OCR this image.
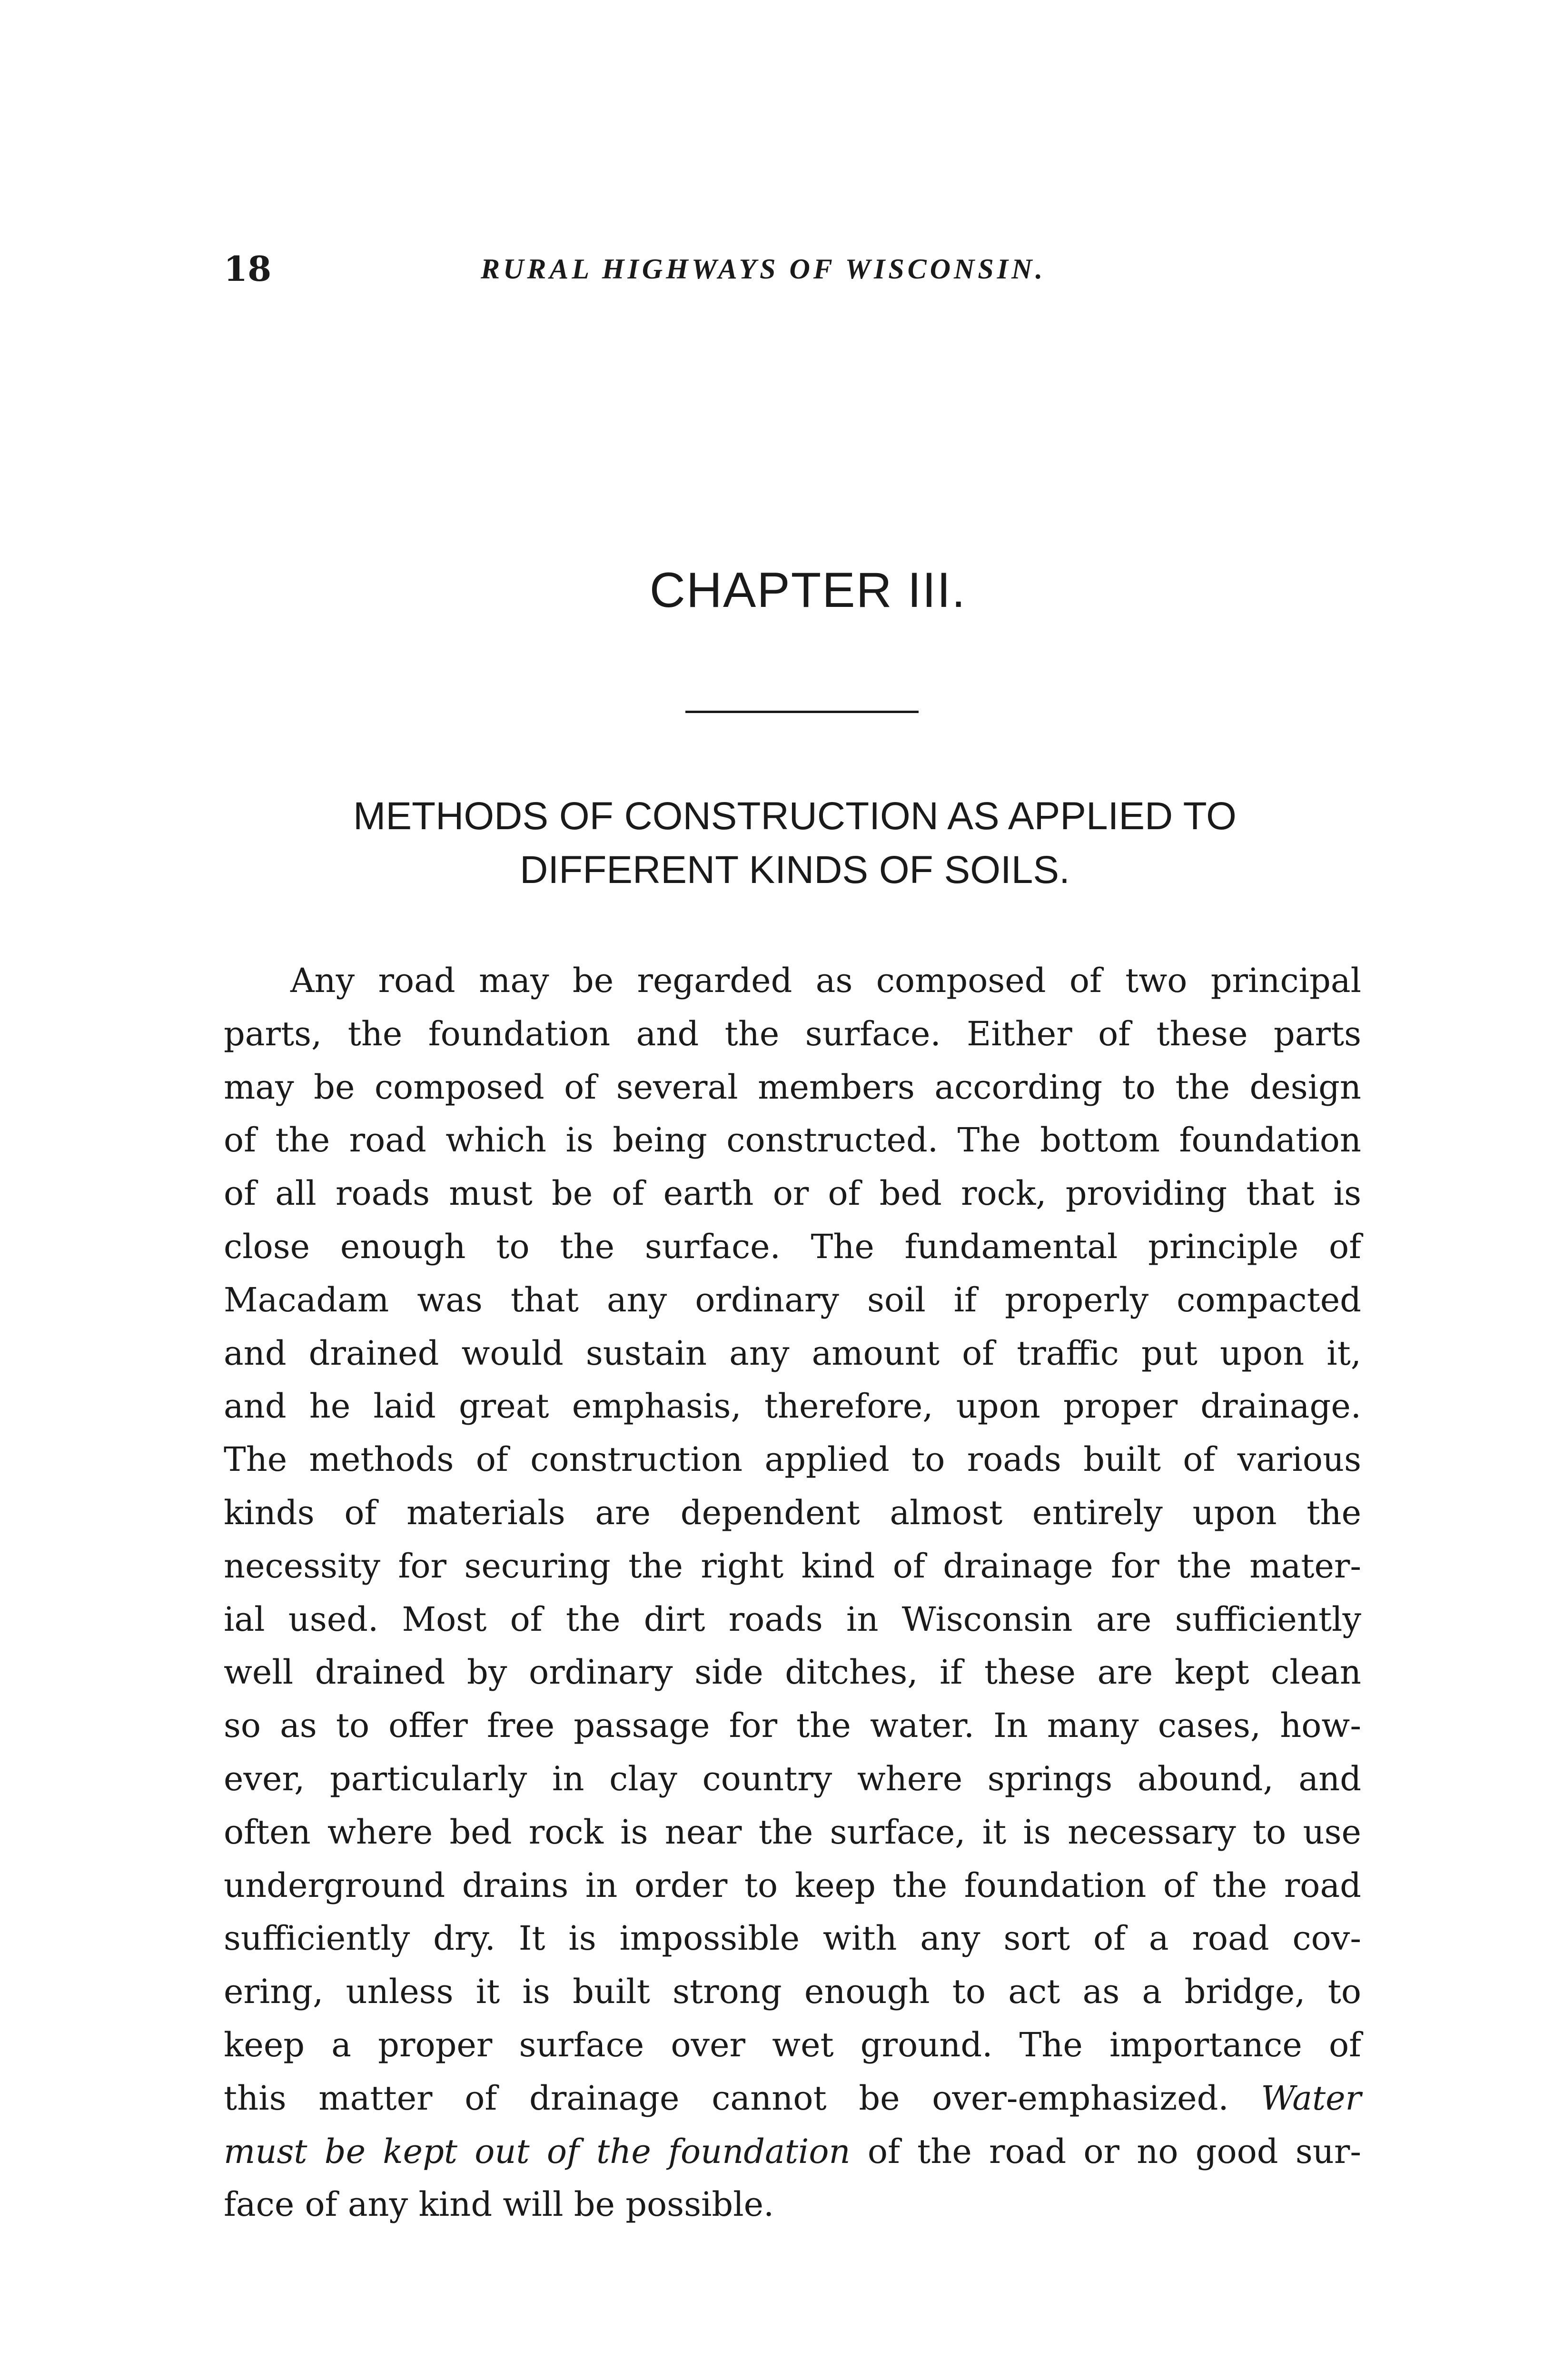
18	RURAL HIGHWAYS OF WISCONSIN.
CHAPTER III.
METHODS OF CONSTRUCTION AS APPLIED TO
DIFFERENT KINDS OF SOILS.
Any road may be regarded as composed of two principal
parts, the foundation and the surface. Either of these parts
may be composed of several members according to the design
of the road which is being constructed. The bottom foundation
of all roads must be of earth or of bed rock, providing that is
close enough to the surface. The fundamental principle of
Macadam was that any ordinary soil if properly compacted
and drained would sustain any amount of traffic put upon it,
and he laid great emphasis, therefore, upon proper drainage.
The methods of construction applied to roads built of various
kinds of materials are dependent almost entirely upon the
necessity for securing the right kind of drainage for the mater-
ial used. Most of the dirt roads in Wisconsin are sufficiently
well drained by ordinary side ditches, if these are kept clean
so as to offer free passage for the water. In many cases, how-
ever, particularly in clay country where springs abound, and
often where bed rock is near the surface, it is necessary to use
underground drains in order to keep the foundation of the road
sufficiently dry. It is impossible with any sort of a road cov-
ering, unless it is built strong enough to act as a bridge, to
keep a proper surface over wet ground. The importance of
this matter of drainage cannot be over-emphasized. Water
must be kept out of the foundation of the road or no good sur-
face of any kind will be possible.
